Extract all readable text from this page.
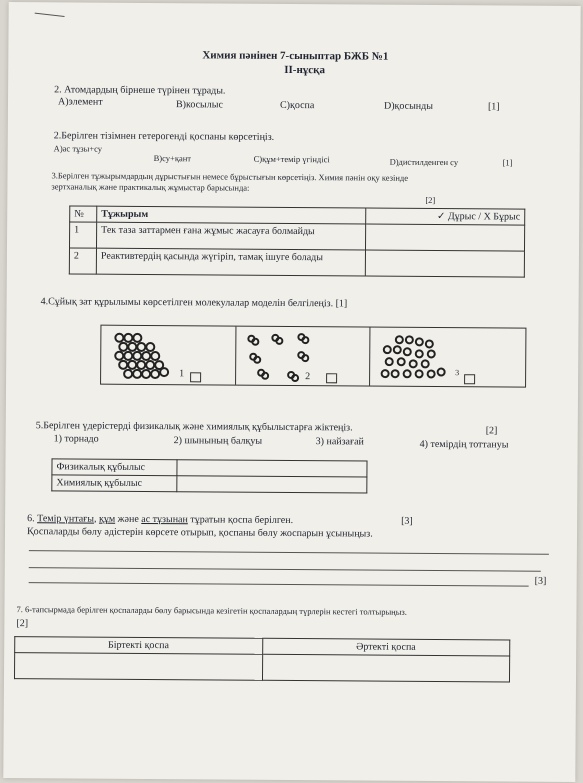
Химия пәнінен 7-сыныптар БЖБ №1
ІІ-нұсқа
2. Атомдардың бірнеше түрінен тұрады.
А)элемент	В)косылыс	С)қоспа	D)қосынды	[1]
2.Берілген тізімнен гетерогенді қоспаны көрсетіңіз.
А)ас тұзы+су
В)су+қант	С)құм+темір үгіндісі	D)дистилденген су	[1]
3.Берілген тұжырымдардың дұрыстығын немесе бұрыстығын көрсетіңіз. Химия пәнін оқу кезінде
зертханалық және практикалық жұмыстар барысында:
[2]
№	Тұжырым	✓ Дұрыс / X Бұрыс
1	Тек таза заттармен ғана жұмыс жасауға болмайды	
2	Реактивтердің қасында жүгіріп, тамақ ішуге болады	
4.Сұйық зат құрылымы көрсетілген молекулалар моделін белгілеңіз. [1]
1	2	3
5.Берілген үдерістерді физикалық және химиялық құбылыстарға жіктеңіз.	[2]
1) торнадо	2) шынының балқуы	3) найзағай	4) темірдің тоттануы
Физикалық құбылыс	
Химиялық құбылыс	
6. Темір үнтағы, құм және ас тұзынан тұратын қоспа берілген.	[3]
Қоспаларды бөлу әдістерін көрсете отырып, қоспаны бөлу жоспарын ұсыныңыз.
[3]
7. 6-тапсырмада берілген қоспаларды бөлу барысында кезігетін қоспалардың түрлерін кестегі толтырыңыз.
[2]
Біртекті қоспа	Әртекті қоспа
